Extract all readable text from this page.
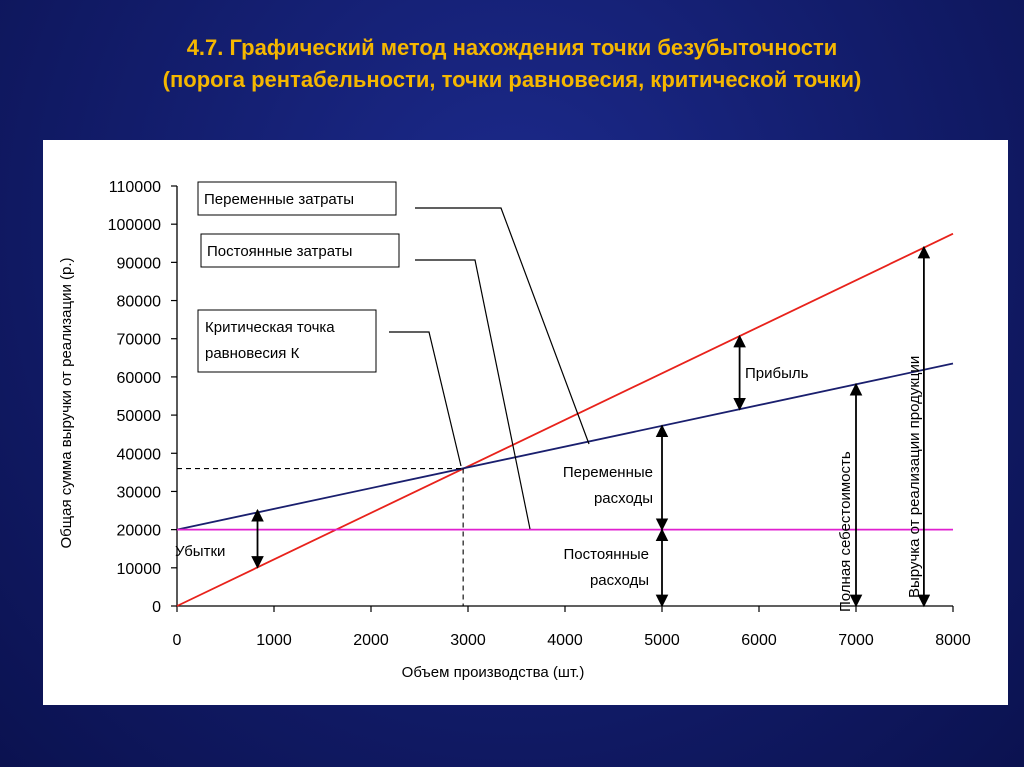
4.7. Графический метод нахождения точки безубыточности
(порога рентабельности, точки равновесия, критической точки)
0
10000
20000
30000
40000
50000
60000
70000
80000
90000
100000
110000
0	1000	2000	3000	4000	5000	6000	7000	8000
Объем производства (шт.)
Общая сумма выручки от реализации (р.)
Переменные затраты
Постоянные затраты
Критическая точка
равновесия К
Прибыль
Убытки
Переменные
расходы
Постоянные
расходы	Полная себестоимость	Выручка от реализации продукции
